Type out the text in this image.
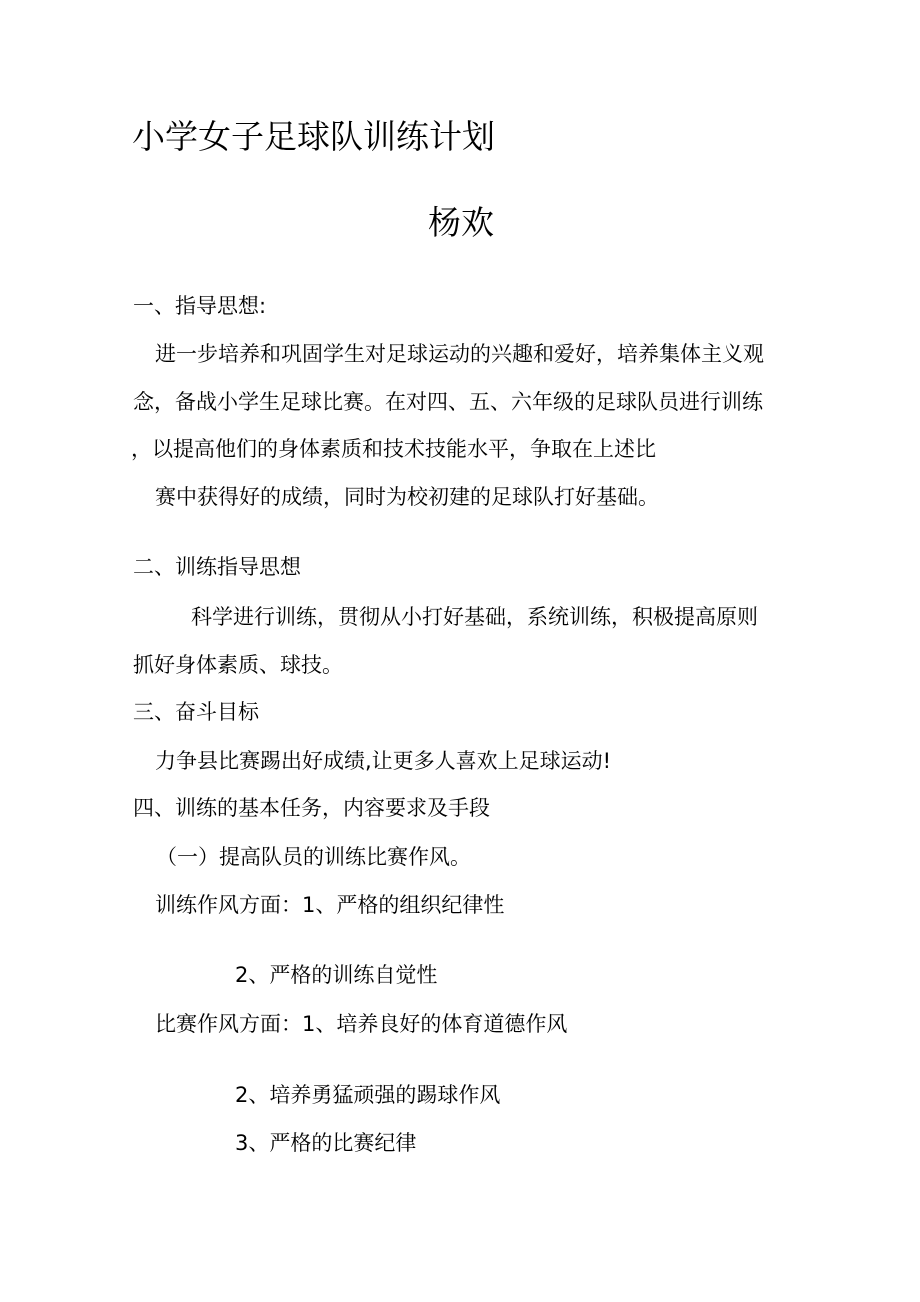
小学女子足球队训练计划
杨欢
一、指导思想:
进一步培养和巩固学生对足球运动的兴趣和爱好，培养集体主义观
念，备战小学生足球比赛。在对四、五、六年级的足球队员进行训练
，以提高他们的身体素质和技术技能水平，争取在上述比
赛中获得好的成绩，同时为校初建的足球队打好基础。
二、训练指导思想
科学进行训练，贯彻从小打好基础，系统训练，积极提高原则
抓好身体素质、球技。
三、奋斗目标
力争县比赛踢出好成绩,让更多人喜欢上足球运动!
四、训练的基本任务，内容要求及手段
（一）提高队员的训练比赛作风。
训练作风方面：1、严格的组织纪律性
2、严格的训练自觉性
比赛作风方面：1、培养良好的体育道德作风
2、培养勇猛顽强的踢球作风
3、严格的比赛纪律
